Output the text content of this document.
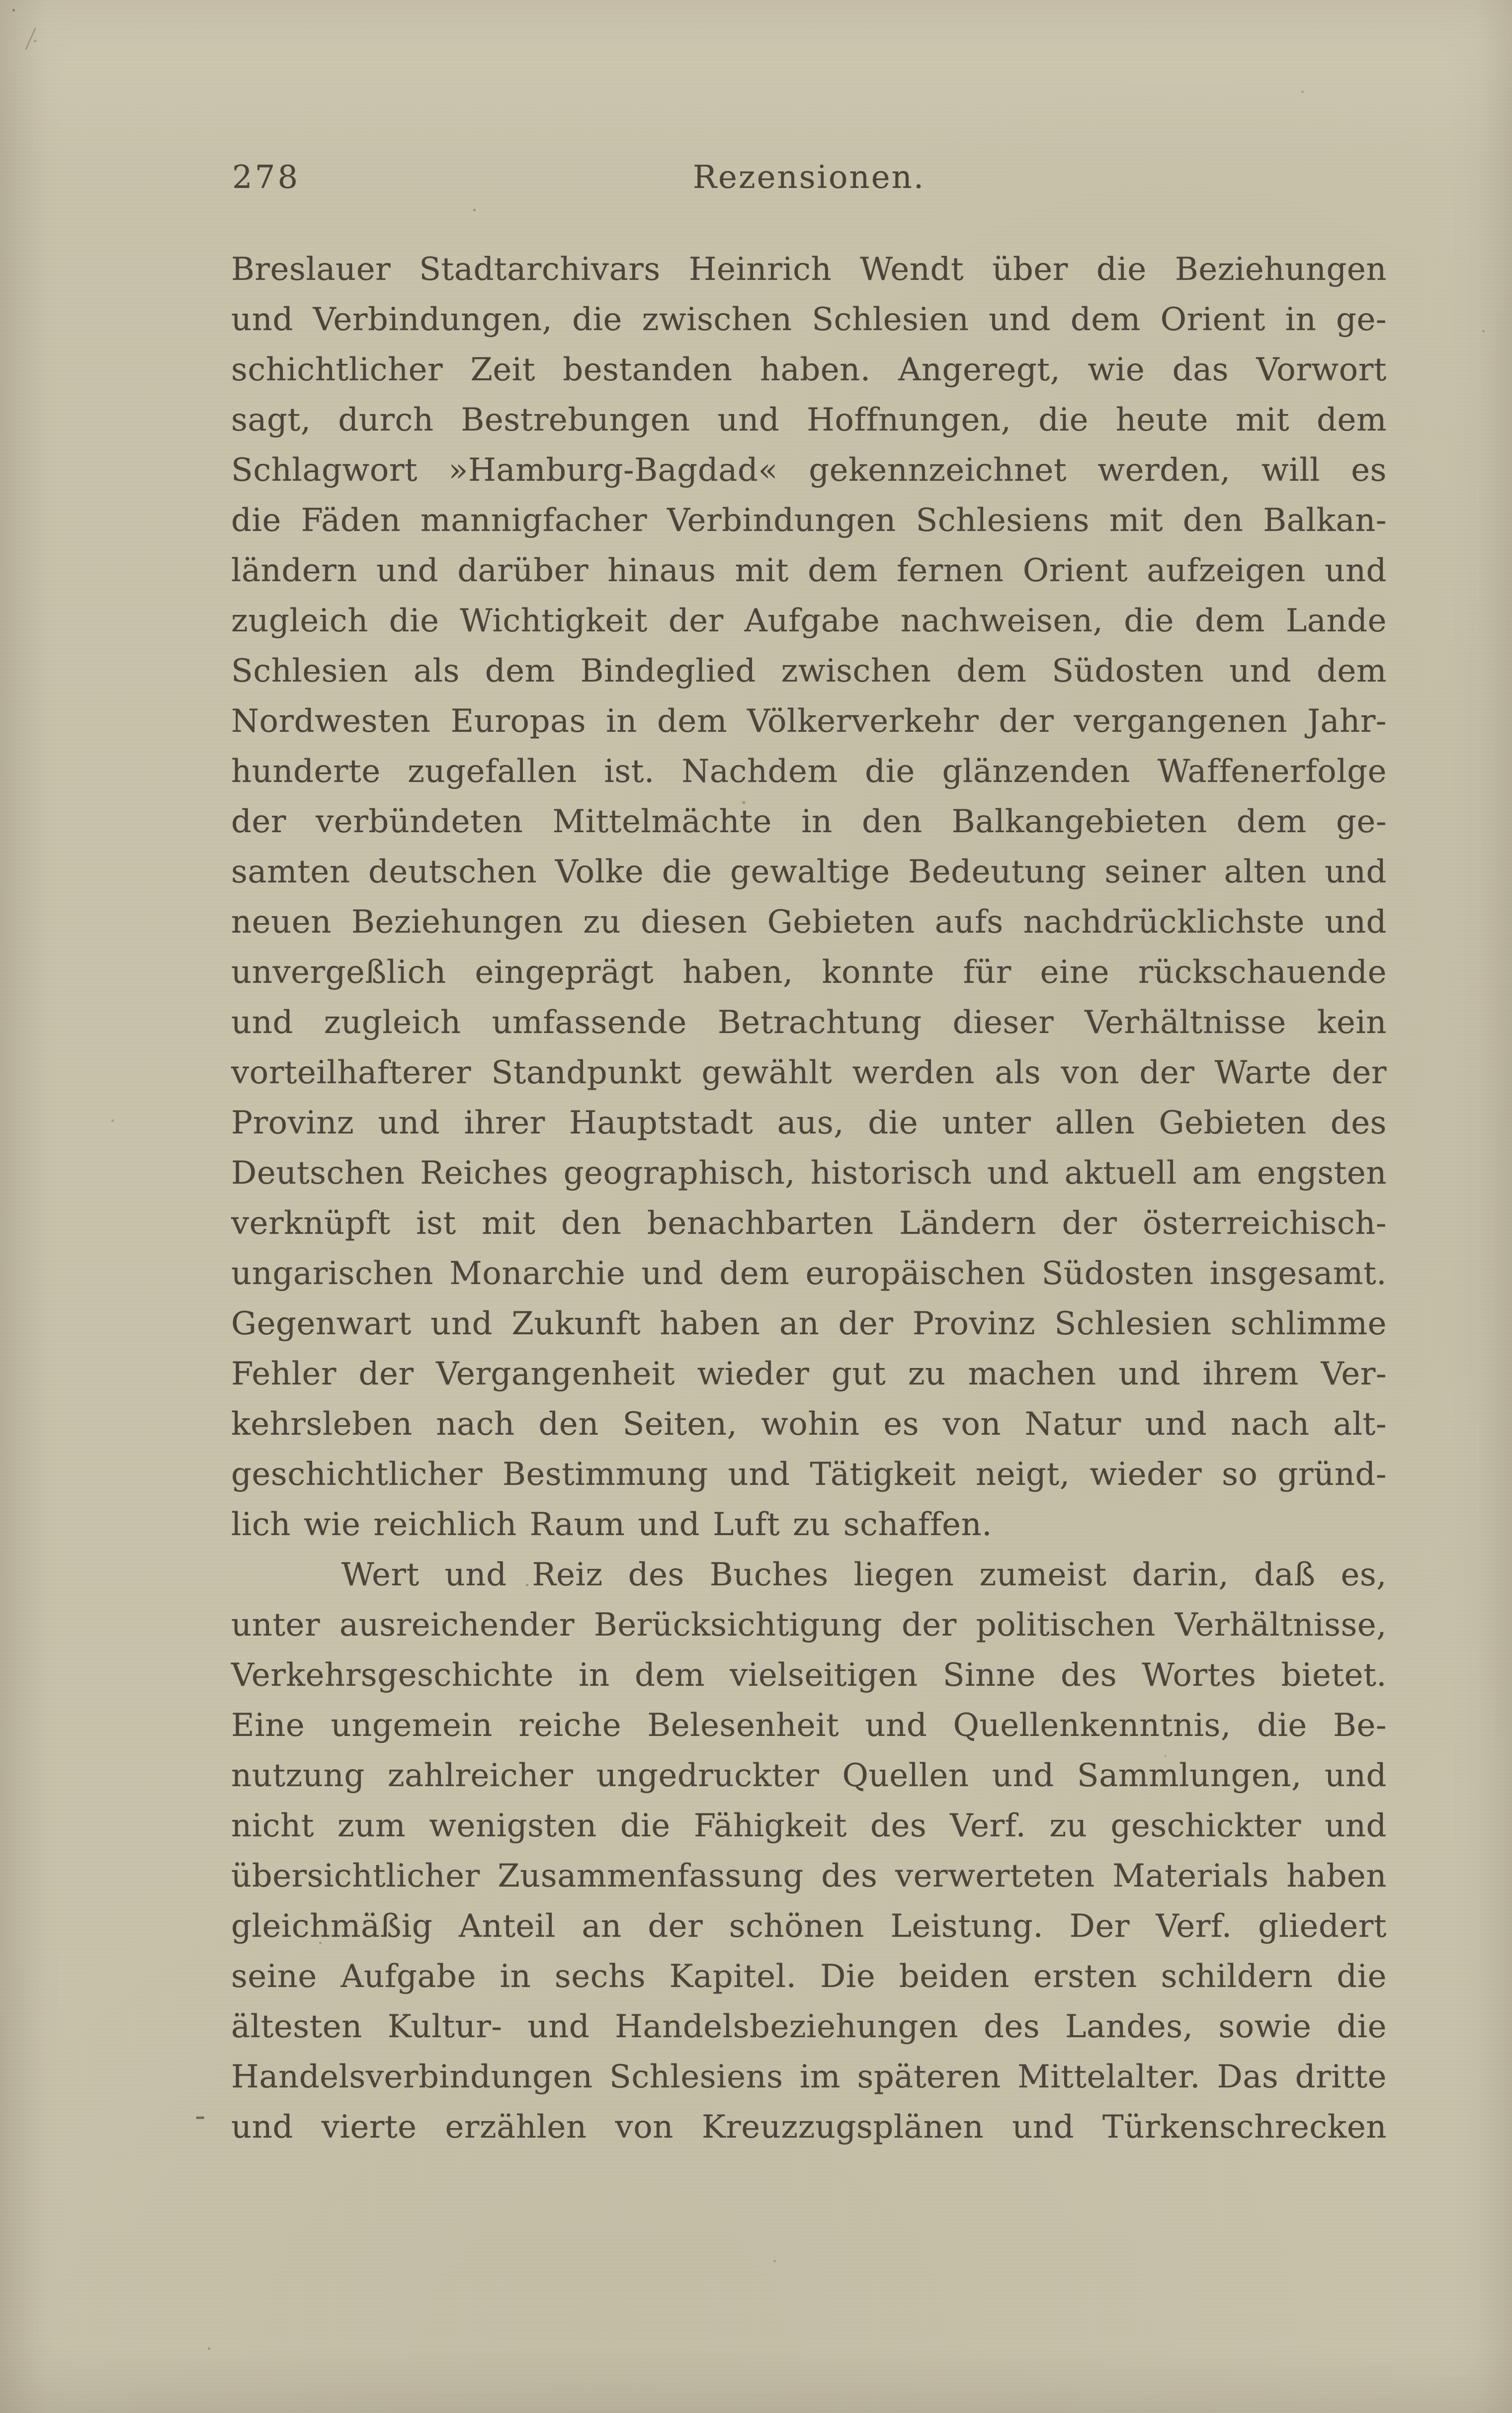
278	Rezensionen.
Breslauer Stadtarchivars Heinrich Wendt über die Beziehungen
und Verbindungen, die zwischen Schlesien und dem Orient in ge-
schichtlicher Zeit bestanden haben. Angeregt, wie das Vorwort
sagt, durch Bestrebungen und Hoffnungen, die heute mit dem
Schlagwort »Hamburg-Bagdad« gekennzeichnet werden, will es
die Fäden mannigfacher Verbindungen Schlesiens mit den Balkan-
ländern und darüber hinaus mit dem fernen Orient aufzeigen und
zugleich die Wichtigkeit der Aufgabe nachweisen, die dem Lande
Schlesien als dem Bindeglied zwischen dem Südosten und dem
Nordwesten Europas in dem Völkerverkehr der vergangenen Jahr-
hunderte zugefallen ist. Nachdem die glänzenden Waffenerfolge
der verbündeten Mittelmächte in den Balkangebieten dem ge-
samten deutschen Volke die gewaltige Bedeutung seiner alten und
neuen Beziehungen zu diesen Gebieten aufs nachdrücklichste und
unvergeßlich eingeprägt haben, konnte für eine rückschauende
und zugleich umfassende Betrachtung dieser Verhältnisse kein
vorteilhafterer Standpunkt gewählt werden als von der Warte der
Provinz und ihrer Hauptstadt aus, die unter allen Gebieten des
Deutschen Reiches geographisch, historisch und aktuell am engsten
verknüpft ist mit den benachbarten Ländern der österreichisch-
ungarischen Monarchie und dem europäischen Südosten insgesamt.
Gegenwart und Zukunft haben an der Provinz Schlesien schlimme
Fehler der Vergangenheit wieder gut zu machen und ihrem Ver-
kehrsleben nach den Seiten, wohin es von Natur und nach alt-
geschichtlicher Bestimmung und Tätigkeit neigt, wieder so gründ-
lich wie reichlich Raum und Luft zu schaffen.
Wert und Reiz des Buches liegen zumeist darin, daß es,
unter ausreichender Berücksichtigung der politischen Verhältnisse,
Verkehrsgeschichte in dem vielseitigen Sinne des Wortes bietet.
Eine ungemein reiche Belesenheit und Quellenkenntnis, die Be-
nutzung zahlreicher ungedruckter Quellen und Sammlungen, und
nicht zum wenigsten die Fähigkeit des Verf. zu geschickter und
übersichtlicher Zusammenfassung des verwerteten Materials haben
gleichmäßig Anteil an der schönen Leistung. Der Verf. gliedert
seine Aufgabe in sechs Kapitel. Die beiden ersten schildern die
ältesten Kultur- und Handelsbeziehungen des Landes, sowie die
Handelsverbindungen Schlesiens im späteren Mittelalter. Das dritte
und vierte erzählen von Kreuzzugsplänen und Türkenschrecken
-
